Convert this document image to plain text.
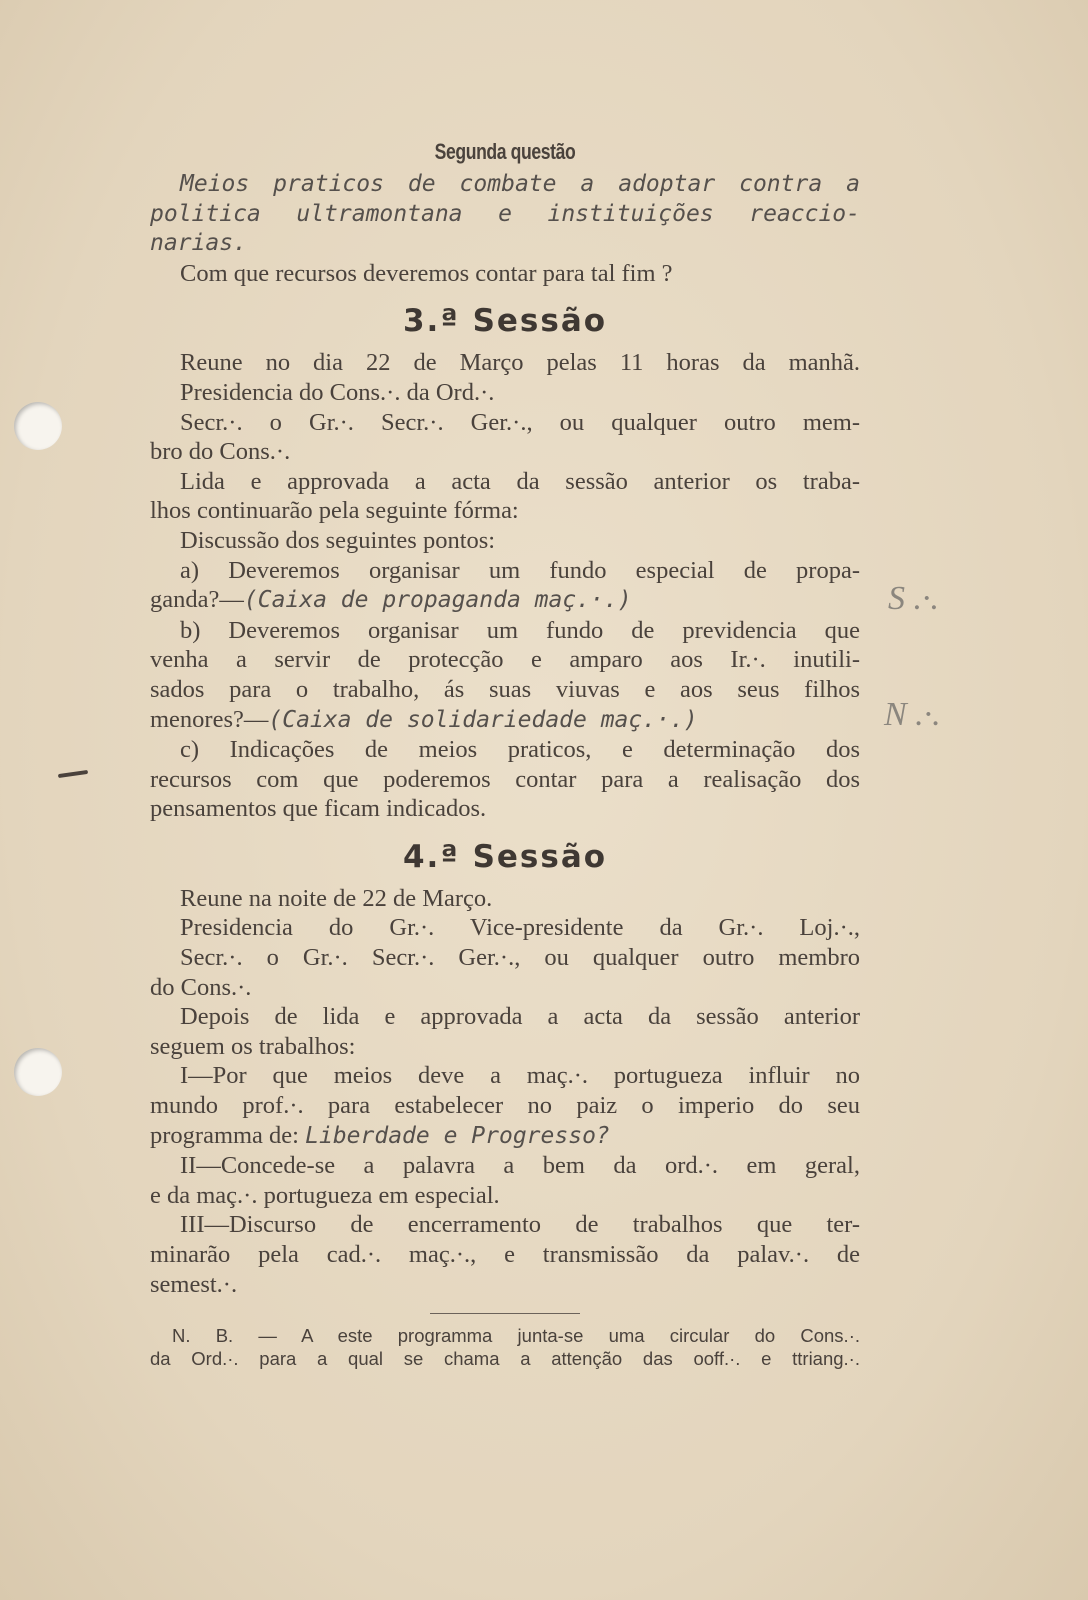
S .·.
N .·.
Segunda questão
Meios praticos de combate a adoptar contra a
politica ultramontana e instituições reaccio-
narias.
Com que recursos deveremos contar para tal fim ?
3.ª Sessão
Reune no dia 22 de Março pelas 11 horas da manhã.
Presidencia do Cons.·. da Ord.·.
Secr.·. o Gr.·. Secr.·. Ger.·., ou qualquer outro mem-
bro do Cons.·.
Lida e approvada a acta da sessão anterior os traba-
lhos continuarão pela seguinte fórma:
Discussão dos seguintes pontos:
a) Deveremos organisar um fundo especial de propa-
ganda?—(Caixa de propaganda maç.·.)
b) Deveremos organisar um fundo de previdencia que
venha a servir de protecção e amparo aos Ir.·. inutili-
sados para o trabalho, ás suas viuvas e aos seus filhos
menores?—(Caixa de solidariedade maç.·.)
c) Indicações de meios praticos, e determinação dos
recursos com que poderemos contar para a realisação dos
pensamentos que ficam indicados.
4.ª Sessão
Reune na noite de 22 de Março.
Presidencia do Gr.·. Vice-presidente da Gr.·. Loj.·.,
Secr.·. o Gr.·. Secr.·. Ger.·., ou qualquer outro membro
do Cons.·.
Depois de lida e approvada a acta da sessão anterior
seguem os trabalhos:
I—Por que meios deve a maç.·. portugueza influir no
mundo prof.·. para estabelecer no paiz o imperio do seu
programma de: Liberdade e Progresso?
II—Concede-se a palavra a bem da ord.·. em geral,
e da maç.·. portugueza em especial.
III—Discurso de encerramento de trabalhos que ter-
minarão pela cad.·. maç.·., e transmissão da palav.·. de
semest.·.
N. B. — A este programma junta-se uma circular do Cons.·.
da Ord.·. para a qual se chama a attenção das ooff.·. e ttriang.·.
